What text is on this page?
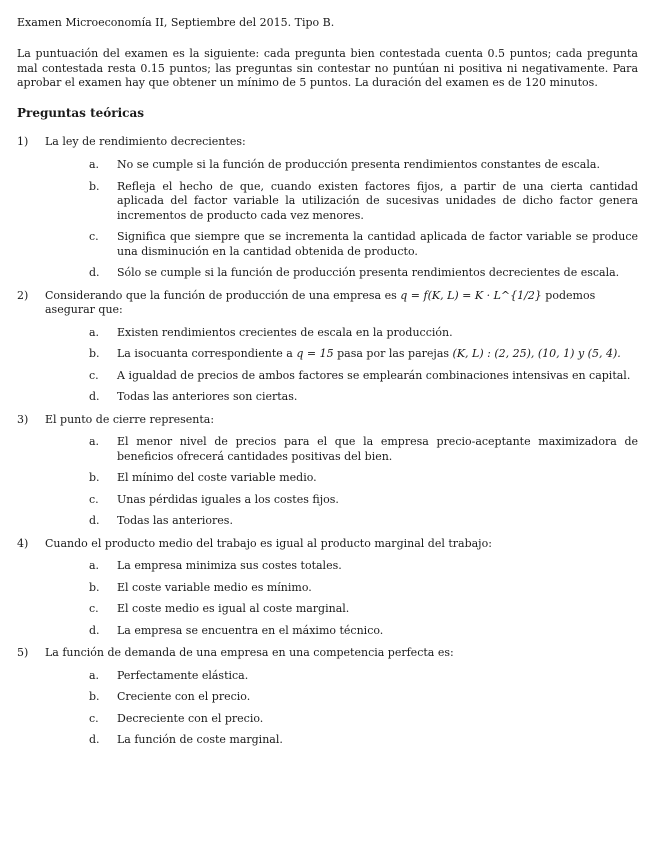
Examen Microeconomía II, Septiembre del 2015. Tipo B.
La puntuación del examen es la siguiente: cada pregunta bien contestada cuenta 0.5 puntos; cada pregunta mal contestada resta 0.15 puntos; las preguntas sin contestar no puntúan ni positiva ni negativamente. Para aprobar el examen hay que obtener un mínimo de 5 puntos. La duración del examen es de 120 minutos.
Preguntas teóricas
1)	La ley de rendimiento decrecientes:
a. No se cumple si la función de producción presenta rendimientos constantes de escala.
b. Refleja el hecho de que, cuando existen factores fijos, a partir de una cierta cantidad aplicada del factor variable la utilización de sucesivas unidades de dicho factor genera incrementos de producto cada vez menores.
c. Significa que siempre que se incrementa la cantidad aplicada de factor variable se produce una disminución en la cantidad obtenida de producto.
d. Sólo se cumple si la función de producción presenta rendimientos decrecientes de escala.
2)	Considerando que la función de producción de una empresa es q = f(K, L) = K · L^{1/2} podemos asegurar que:
a. Existen rendimientos crecientes de escala en la producción.
b. La isocuanta correspondiente a q = 15 pasa por las parejas (K, L) : (2, 25), (10, 1) y (5, 4).
c. A igualdad de precios de ambos factores se emplearán combinaciones intensivas en capital.
d. Todas las anteriores son ciertas.
3)	El punto de cierre representa:
a. El menor nivel de precios para el que la empresa precio-aceptante maximizadora de beneficios ofrecerá cantidades positivas del bien.
b. El mínimo del coste variable medio.
c. Unas pérdidas iguales a los costes fijos.
d. Todas las anteriores.
4)	Cuando el producto medio del trabajo es igual al producto marginal del trabajo:
a. La empresa minimiza sus costes totales.
b. El coste variable medio es mínimo.
c. El coste medio es igual al coste marginal.
d. La empresa se encuentra en el máximo técnico.
5)	La función de demanda de una empresa en una competencia perfecta es:
a. Perfectamente elástica.
b. Creciente con el precio.
c. Decreciente con el precio.
d. La función de coste marginal.
